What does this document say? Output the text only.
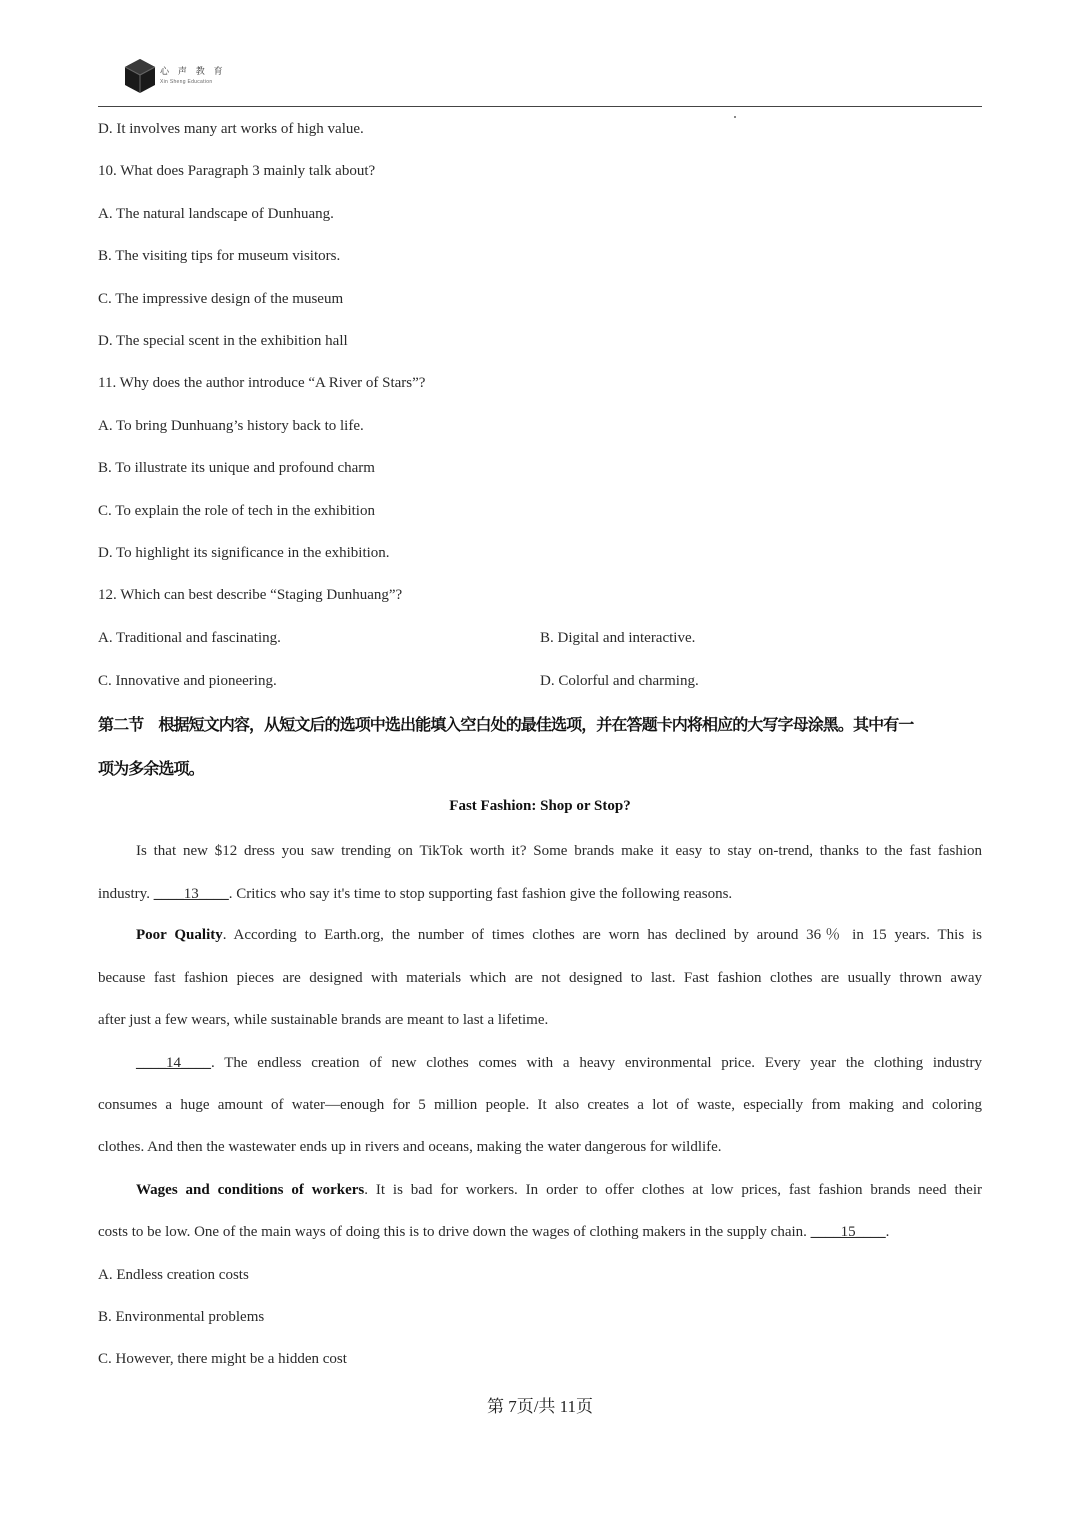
心 声 教 育
Xin Sheng Education
D. It involves many art works of high value.
10. What does Paragraph 3 mainly talk about?
A. The natural landscape of Dunhuang.
B. The visiting tips for museum visitors.
C. The impressive design of the museum
D. The special scent in the exhibition hall
11. Why does the author introduce “A River of Stars”?
A. To bring Dunhuang’s history back to life.
B. To illustrate its unique and profound charm
C. To explain the role of tech in the exhibition
D. To highlight its significance in the exhibition.
12. Which can best describe “Staging Dunhuang”?
A. Traditional and fascinating.	B. Digital and interactive.
C. Innovative and pioneering.	D. Colorful and charming.
第二节　根据短文内容，从短文后的选项中选出能填入空白处的最佳选项，并在答题卡内将相应的大写字母涂黑。其中有一
项为多余选项。
Fast Fashion: Shop or Stop?
Is that new $12 dress you saw trending on TikTok worth it? Some brands make it easy to stay on-trend, thanks to the fast fashion
industry. ____13____. Critics who say it's time to stop supporting fast fashion give the following reasons.
Poor Quality. According to Earth.org, the number of times clothes are worn has declined by around 36％ in 15 years. This is
because fast fashion pieces are designed with materials which are not designed to last. Fast fashion clothes are usually thrown away
after just a few wears, while sustainable brands are meant to last a lifetime.
____14____. The endless creation of new clothes comes with a heavy environmental price. Every year the clothing industry
consumes a huge amount of water—enough for 5 million people. It also creates a lot of waste, especially from making and coloring
clothes. And then the wastewater ends up in rivers and oceans, making the water dangerous for wildlife.
Wages and conditions of workers. It is bad for workers. In order to offer clothes at low prices, fast fashion brands need their
costs to be low. One of the main ways of doing this is to drive down the wages of clothing makers in the supply chain. ____15____.
A. Endless creation costs
B. Environmental problems
C. However, there might be a hidden cost
第 7页/共 11页
